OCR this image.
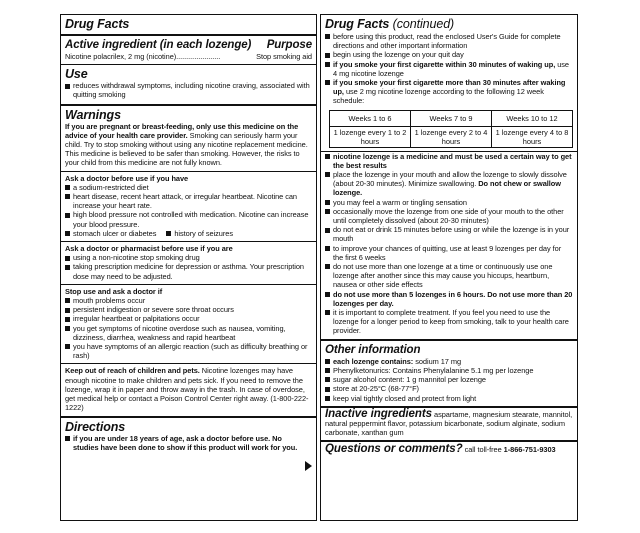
Drug Facts
Active ingredient (in each lozenge) Purpose
Nicotine polacrilex, 2 mg (nicotine)......................	Stop smoking aid
Use
reduces withdrawal symptoms, including nicotine craving, associated with quitting smoking
Warnings
If you are pregnant or breast-feeding, only use this medicine on the advice of your health care provider. Smoking can seriously harm your child. Try to stop smoking without using any nicotine replacement medicine. This medicine is believed to be safer than smoking. However, the risks to your child from this medicine are not fully known.
Ask a doctor before use if you have
a sodium-restricted diet
heart disease, recent heart attack, or irregular heartbeat. Nicotine can increase your heart rate.
high blood pressure not controlled with medication. Nicotine can increase your blood pressure.
stomach ulcer or diabetes	history of seizures
Ask a doctor or pharmacist before use if you are
using a non-nicotine stop smoking drug
taking prescription medicine for depression or asthma. Your prescription dose may need to be adjusted.
Stop use and ask a doctor if
mouth problems occur
persistent indigestion or severe sore throat occurs
irregular heartbeat or palpitations occur
you get symptoms of nicotine overdose such as nausea, vomiting, dizziness, diarrhea, weakness and rapid heartbeat
you have symptoms of an allergic reaction (such as difficulty breathing or rash)
Keep out of reach of children and pets. Nicotine lozenges may have enough nicotine to make children and pets sick. If you need to remove the lozenge, wrap it in paper and throw away in the trash. In case of overdose, get medical help or contact a Poison Control Center right away. (1-800-222-1222)
Directions
if you are under 18 years of age, ask a doctor before use. No studies have been done to show if this product will work for you.
Drug Facts (continued)
before using this product, read the enclosed User's Guide for complete directions and other important information
begin using the lozenge on your quit day
if you smoke your first cigarette within 30 minutes of waking up, use 4 mg nicotine lozenge
if you smoke your first cigarette more than 30 minutes after waking up, use 2 mg nicotine lozenge according to the following 12 week schedule:
Weeks 1 to 6	Weeks 7 to 9	Weeks 10 to 12
1 lozenge every 1 to 2 hours	1 lozenge every 2 to 4 hours	1 lozenge every 4 to 8 hours
nicotine lozenge is a medicine and must be used a certain way to get the best results
place the lozenge in your mouth and allow the lozenge to slowly dissolve (about 20-30 minutes). Minimize swallowing. Do not chew or swallow lozenge.
you may feel a warm or tingling sensation
occasionally move the lozenge from one side of your mouth to the other until completely dissolved (about 20-30 minutes)
do not eat or drink 15 minutes before using or while the lozenge is in your mouth
to improve your chances of quitting, use at least 9 lozenges per day for the first 6 weeks
do not use more than one lozenge at a time or continuously use one lozenge after another since this may cause you hiccups, heartburn, nausea or other side effects
do not use more than 5 lozenges in 6 hours. Do not use more than 20 lozenges per day.
it is important to complete treatment. If you feel you need to use the lozenge for a longer period to keep from smoking, talk to your health care provider.
Other information
each lozenge contains: sodium 17 mg
Phenylketonurics: Contains Phenylalanine 5.1 mg per lozenge
sugar alcohol content: 1 g mannitol per lozenge
store at 20-25°C (68-77°F)
keep vial tightly closed and protect from light
Inactive ingredients aspartame, magnesium stearate, mannitol, natural peppermint flavor, potassium bicarbonate, sodium alginate, sodium carbonate, xanthan gum
Questions or comments? call toll-free 1-866-751-9303
